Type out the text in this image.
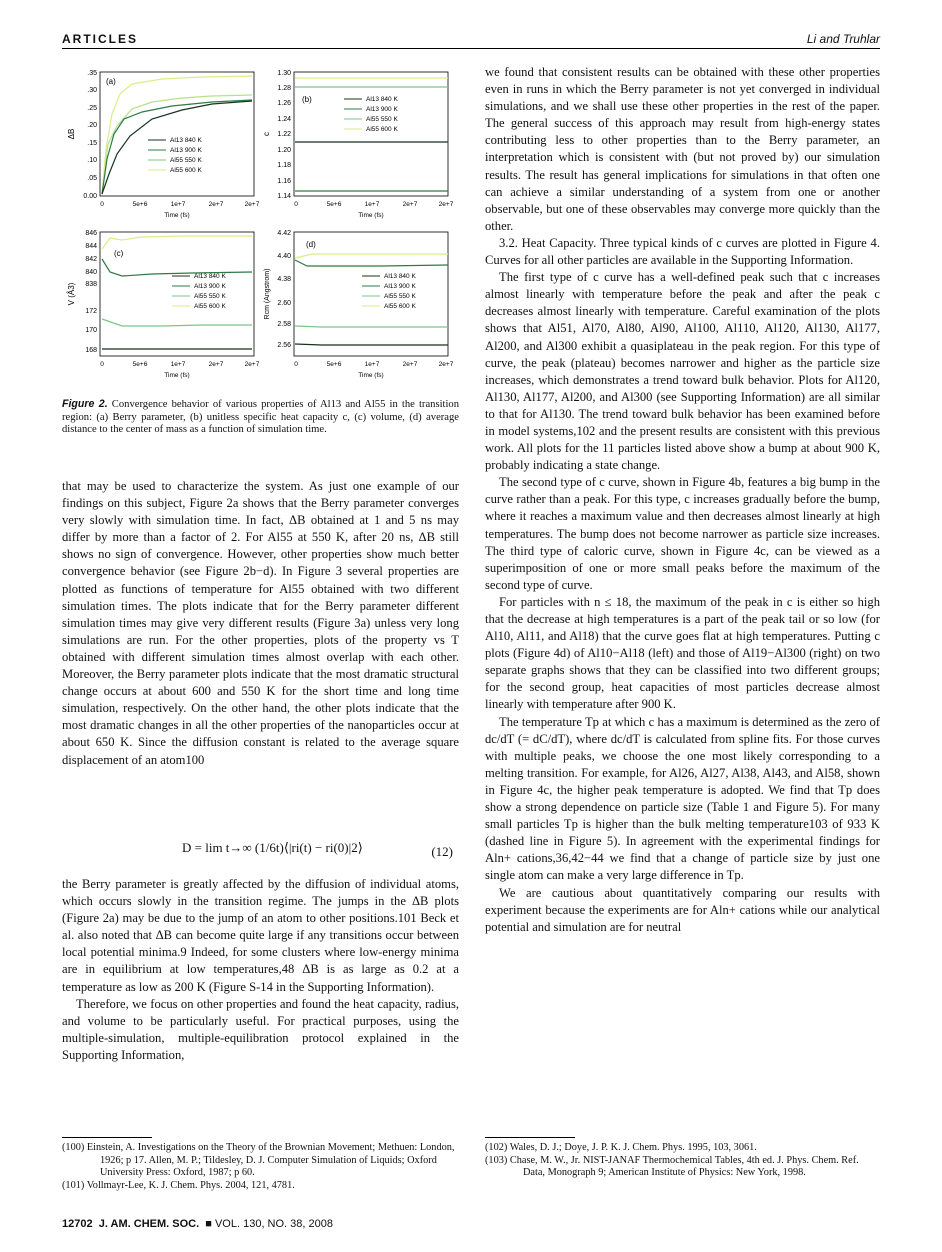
ARTICLES	Li and Truhlar
(a)
.35
.30
.25
.20
.15
.10
.05
0.00
ΔB
0	5e+6	1e+7	2e+7	2e+7
Time (fs)
Al13 840 K
Al13 900 K
Al55 550 K
Al55 600 K
(b)
1.30
1.28
1.26
1.24
1.22
1.20
1.18
1.16
1.14
c
0	5e+6	1e+7	2e+7	2e+7
Time (fs)
Al13 840 K
Al13 900 K
Al55 550 K
Al55 600 K
(c)
846
844
842
840
838
172
170
168
V (Å3)
0	5e+6	1e+7	2e+7	2e+7
Time (fs)
Al13 840 K
Al13 900 K
Al55 550 K
Al55 600 K
(d)
4.42
4.40
4.38
2.60
2.58
2.56
Rcm (Angstrom)
0	5e+6	1e+7	2e+7	2e+7
Time (fs)
Al13 840 K
Al13 900 K
Al55 550 K
Al55 600 K
Figure 2. Convergence behavior of various properties of Al13 and Al55 in the transition region: (a) Berry parameter, (b) unitless specific heat capacity c, (c) volume, (d) average distance to the center of mass as a function of simulation time.

that may be used to characterize the system. As just one example of our findings on this subject, Figure 2a shows that the Berry parameter converges very slowly with simulation time. In fact, ΔB obtained at 1 and 5 ns may differ by more than a factor of 2. For Al55 at 550 K, after 20 ns, ΔB still shows no sign of convergence. However, other properties show much better convergence behavior (see Figure 2b−d). In Figure 3 several properties are plotted as functions of temperature for Al55 obtained with two different simulation times. The plots indicate that for the Berry parameter different simulation times may give very different results (Figure 3a) unless very long simulations are run. For the other properties, plots of the property vs T obtained with different simulation times almost overlap with each other. Moreover, the Berry parameter plots indicate that the most dramatic structural change occurs at about 600 and 550 K for the short time and long time simulation, respectively. On the other hand, the other plots indicate that the most dramatic changes in all the other properties of the nanoparticles occur at about 650 K. Since the diffusion constant is related to the average square displacement of an atom100

D = lim t→∞ (1/6t)⟨|ri(t) − ri(0)|2⟩	(12)

the Berry parameter is greatly affected by the diffusion of individual atoms, which occurs slowly in the transition regime. The jumps in the ΔB plots (Figure 2a) may be due to the jump of an atom to other positions.101 Beck et al. also noted that ΔB can become quite large if any transitions occur between local potential minima.9 Indeed, for some clusters where low-energy minima are in equilibrium at low temperatures,48 ΔB is as large as 0.2 at a temperature as low as 200 K (Figure S-14 in the Supporting Information).

Therefore, we focus on other properties and found the heat capacity, radius, and volume to be particularly useful. For practical purposes, using the multiple-simulation, multiple-equilibration protocol explained in the Supporting Information,

we found that consistent results can be obtained with these other properties even in runs in which the Berry parameter is not yet converged in individual simulations, and we shall use these other properties in the rest of the paper. The general success of this approach may result from high-energy states contributing less to other properties than to the Berry parameter, an interpretation which is consistent with (but not proved by) our simulation results. The result has general implications for simulations in that often one can achieve a similar understanding of a system from one or another observable, but one of these observables may converge more quickly than the other.

3.2. Heat Capacity. Three typical kinds of c curves are plotted in Figure 4. Curves for all other particles are available in the Supporting Information.

The first type of c curve has a well-defined peak such that c increases almost linearly with temperature before the peak and after the peak c decreases almost linearly with temperature. Careful examination of the plots shows that Al51, Al70, Al80, Al90, Al100, Al110, Al120, Al130, Al177, Al200, and Al300 exhibit a quasiplateau in the peak region. For this type of curve, the peak (plateau) becomes narrower and higher as the particle size increases, which demonstrates a trend toward bulk behavior. Plots for Al120, Al130, Al177, Al200, and Al300 (see Supporting Information) are all similar to that for Al130. The trend toward bulk behavior has been examined before in model systems,102 and the present results are consistent with this previous work. All plots for the 11 particles listed above show a bump at about 900 K, probably indicating a state change.

The second type of c curve, shown in Figure 4b, features a big bump in the curve rather than a peak. For this type, c increases gradually before the bump, where it reaches a maximum value and then decreases almost linearly at high temperatures. The bump does not become narrower as particle size increases. The third type of caloric curve, shown in Figure 4c, can be viewed as a superimposition of one or more small peaks before the maximum of the second type of curve.

For particles with n ≤ 18, the maximum of the peak in c is either so high that the decrease at high temperatures is a part of the peak tail or so low (for Al10, Al11, and Al18) that the curve goes flat at high temperatures. Putting c plots (Figure 4d) of Al10−Al18 (left) and those of Al19−Al300 (right) on two separate graphs shows that they can be classified into two different groups; for the second group, heat capacities of most particles decrease almost linearly with temperature after 900 K.

The temperature Tp at which c has a maximum is determined as the zero of dc/dT (= dC/dT), where dc/dT is calculated from spline fits. For those curves with multiple peaks, we choose the one most likely corresponding to a melting transition. For example, for Al26, Al27, Al38, Al43, and Al58, shown in Figure 4c, the higher peak temperature is adopted. We find that Tp does show a strong dependence on particle size (Table 1 and Figure 5). For many small particles Tp is higher than the bulk melting temperature103 of 933 K (dashed line in Figure 5). In agreement with the experimental findings for Aln+ cations,36,42−44 we find that a change of particle size by just one single atom can make a very large difference in Tp.

We are cautious about quantitatively comparing our results with experiment because the experiments are for Aln+ cations while our analytical potential and simulation are for neutral

(100) Einstein, A. Investigations on the Theory of the Brownian Movement; Methuen: London, 1926; p 17. Allen, M. P.; Tildesley, D. J. Computer Simulation of Liquids; Oxford University Press: Oxford, 1987; p 60.

(101) Vollmayr-Lee, K. J. Chem. Phys. 2004, 121, 4781.

(102) Wales, D. J.; Doye, J. P. K. J. Chem. Phys. 1995, 103, 3061.

(103) Chase, M. W., Jr. NIST-JANAF Thermochemical Tables, 4th ed. J. Phys. Chem. Ref. Data, Monograph 9; American Institute of Physics: New York, 1998.

12702 J. AM. CHEM. SOC.  ■ VOL. 130, NO. 38, 2008
